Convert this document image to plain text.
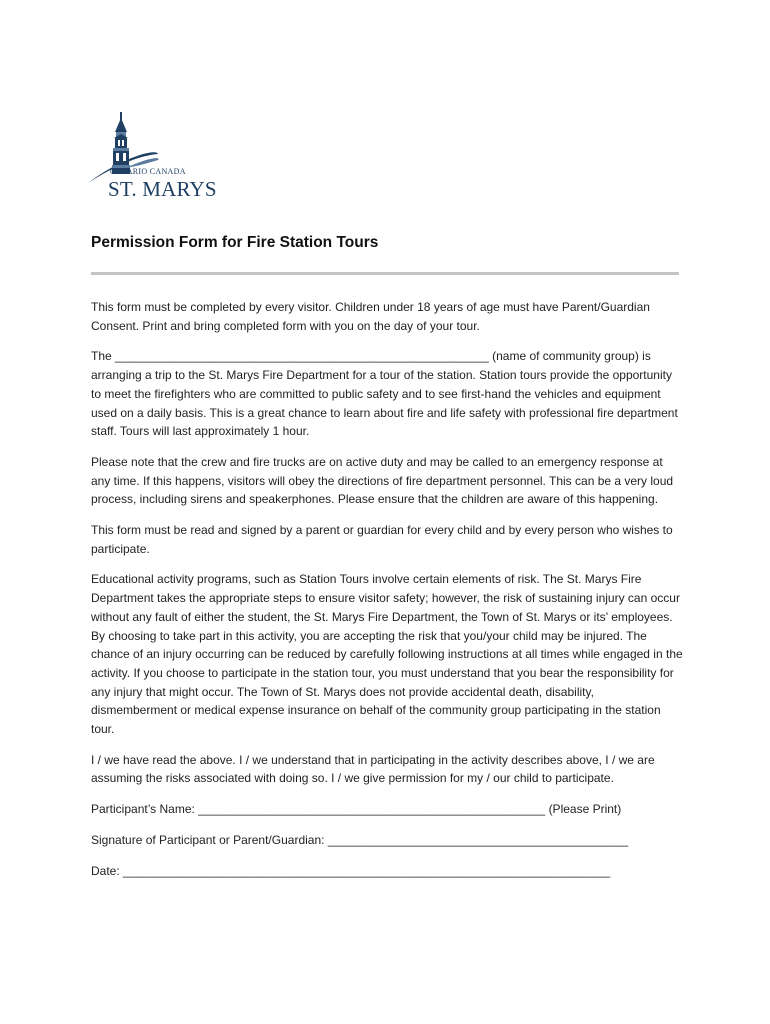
ONTARIO CANADA
ST. MARYS
Permission Form for Fire Station Tours

This form must be completed by every visitor. Children under 18 years of age must have Parent/Guardian Consent. Print and bring completed form with you on the day of your tour.

The ________________________________________________________ (name of community group) is arranging a trip to the St. Marys Fire Department for a tour of the station. Station tours provide the opportunity to meet the firefighters who are committed to public safety and to see first-hand the vehicles and equipment used on a daily basis. This is a great chance to learn about fire and life safety with professional fire department staff. Tours will last approximately 1 hour.

Please note that the crew and fire trucks are on active duty and may be called to an emergency response at any time. If this happens, visitors will obey the directions of fire department personnel. This can be a very loud process, including sirens and speakerphones. Please ensure that the children are aware of this happening.

This form must be read and signed by a parent or guardian for every child and by every person who wishes to participate.

Educational activity programs, such as Station Tours involve certain elements of risk. The St. Marys Fire Department takes the appropriate steps to ensure visitor safety; however, the risk of sustaining injury can occur without any fault of either the student, the St. Marys Fire Department, the Town of St. Marys or its’ employees. By choosing to take part in this activity, you are accepting the risk that you/your child may be injured. The chance of an injury occurring can be reduced by carefully following instructions at all times while engaged in the activity. If you choose to participate in the station tour, you must understand that you bear the responsibility for any injury that might occur. The Town of St. Marys does not provide accidental death, disability, dismemberment or medical expense insurance on behalf of the community group participating in the station tour.

I / we have read the above. I / we understand that in participating in the activity describes above, I / we are assuming the risks associated with doing so. I / we give permission for my / our child to participate.

Participant’s Name: ____________________________________________________ (Please Print)
Signature of Participant or Parent/Guardian: _____________________________________________
Date: _________________________________________________________________________
